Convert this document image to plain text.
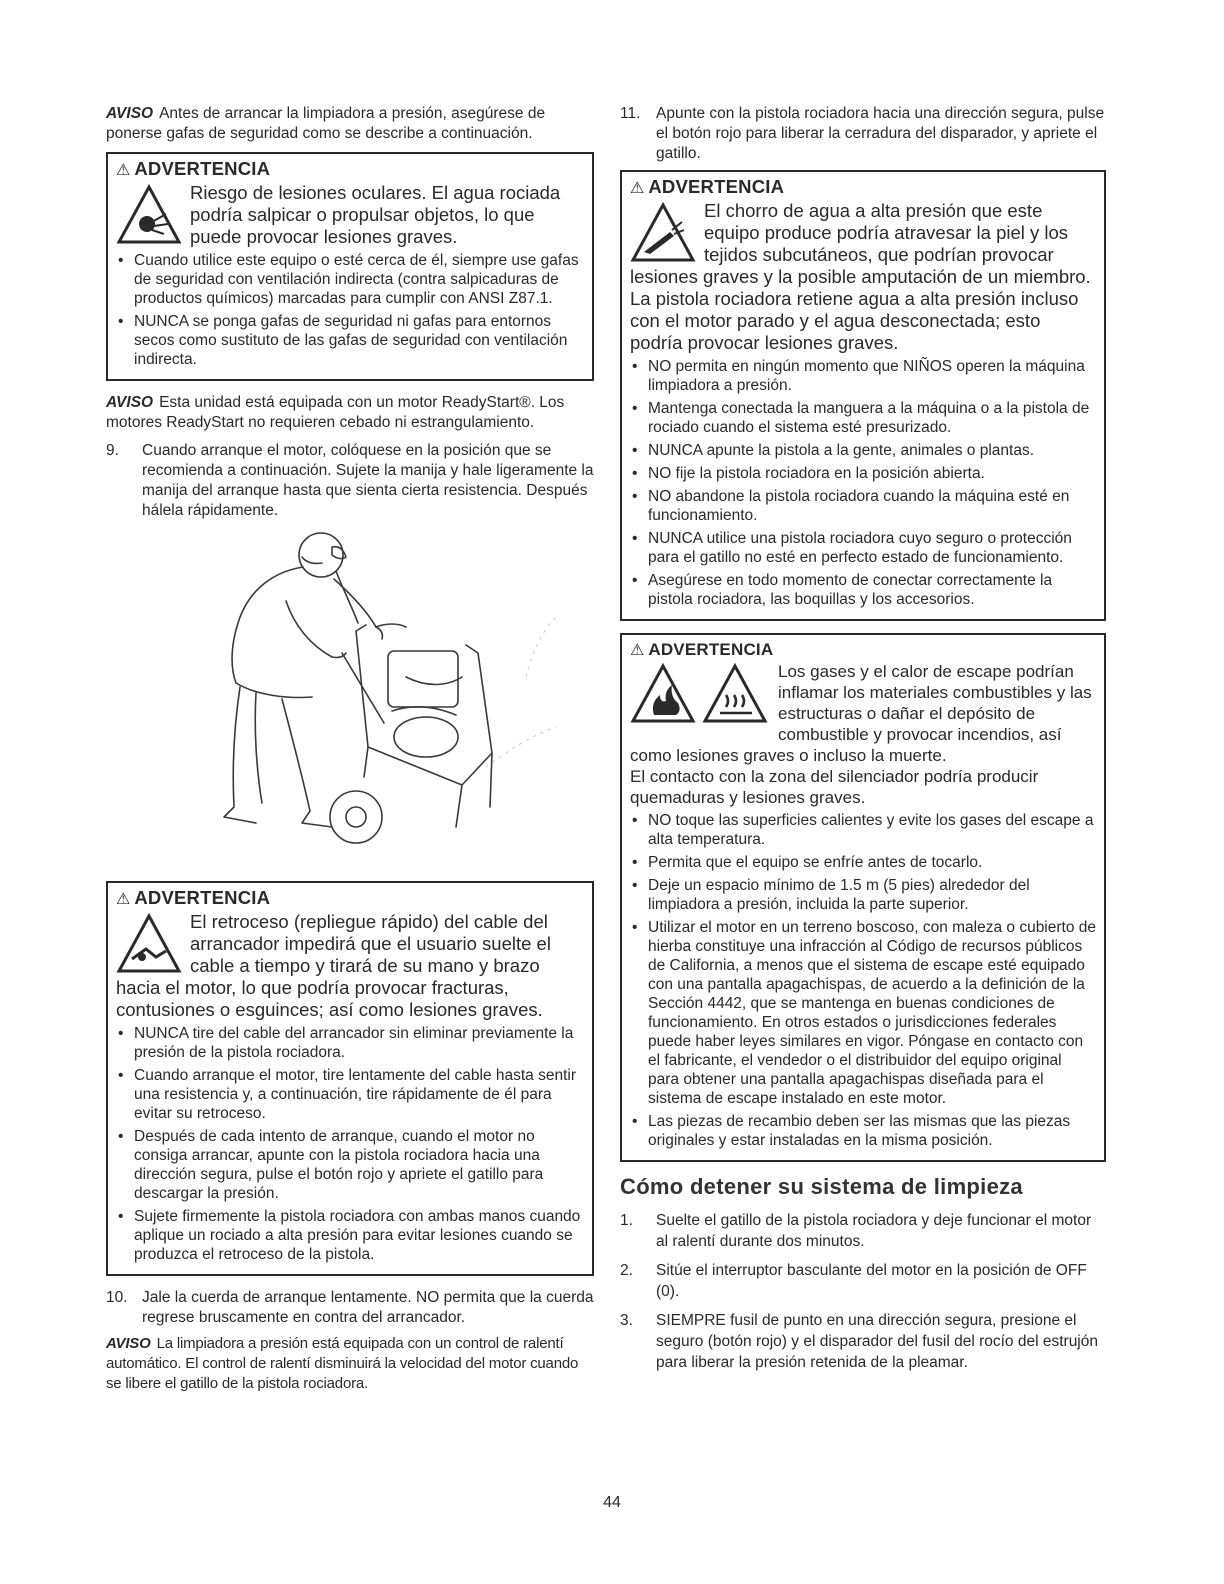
AVISO Antes de arrancar la limpiadora a presión, asegúrese de ponerse gafas de seguridad como se describe a continuación.

⚠ ADVERTENCIA

Riesgo de lesiones oculares. El agua rociada podría salpicar o propulsar objetos, lo que puede provocar lesiones graves.

• Cuando utilice este equipo o esté cerca de él, siempre use gafas de seguridad con ventilación indirecta (contra salpicaduras de productos químicos) marcadas para cumplir con ANSI Z87.1.
• NUNCA se ponga gafas de seguridad ni gafas para entornos secos como sustituto de las gafas de seguridad con ventilación indirecta.

AVISO Esta unidad está equipada con un motor ReadyStart®. Los motores ReadyStart no requieren cebado ni estrangulamiento.

9. Cuando arranque el motor, colóquese en la posición que se recomienda a continuación. Sujete la manija y hale ligeramente la manija del arranque hasta que sienta cierta resistencia. Después hálela rápidamente.
⚠ ADVERTENCIA

El retroceso (repliegue rápido) del cable del arrancador impedirá que el usuario suelte el cable a tiempo y tirará de su mano y brazo hacia el motor, lo que podría provocar fracturas, contusiones o esguinces; así como lesiones graves.

• NUNCA tire del cable del arrancador sin eliminar previamente la presión de la pistola rociadora.
• Cuando arranque el motor, tire lentamente del cable hasta sentir una resistencia y, a continuación, tire rápidamente de él para evitar su retroceso.
• Después de cada intento de arranque, cuando el motor no consiga arrancar, apunte con la pistola rociadora hacia una dirección segura, pulse el botón rojo y apriete el gatillo para descargar la presión.
• Sujete firmemente la pistola rociadora con ambas manos cuando aplique un rociado a alta presión para evitar lesiones cuando se produzca el retroceso de la pistola.
10. Jale la cuerda de arranque lentamente. NO permita que la cuerda regrese bruscamente en contra del arrancador.

AVISO La limpiadora a presión está equipada con un control de ralentí automático. El control de ralentí disminuirá la velocidad del motor cuando se libere el gatillo de la pistola rociadora.

11. Apunte con la pistola rociadora hacia una dirección segura, pulse el botón rojo para liberar la cerradura del disparador, y apriete el gatillo.
⚠ ADVERTENCIA

El chorro de agua a alta presión que este equipo produce podría atravesar la piel y los tejidos subcutáneos, que podrían provocar lesiones graves y la posible amputación de un miembro.

La pistola rociadora retiene agua a alta presión incluso con el motor parado y el agua desconectada; esto podría provocar lesiones graves.

• NO permita en ningún momento que NIÑOS operen la máquina limpiadora a presión.
• Mantenga conectada la manguera a la máquina o a la pistola de rociado cuando el sistema esté presurizado.
• NUNCA apunte la pistola a la gente, animales o plantas.
• NO fije la pistola rociadora en la posición abierta.
• NO abandone la pistola rociadora cuando la máquina esté en funcionamiento.
• NUNCA utilice una pistola rociadora cuyo seguro o protección para el gatillo no esté en perfecto estado de funcionamiento.
• Asegúrese en todo momento de conectar correctamente la pistola rociadora, las boquillas y los accesorios.
⚠ ADVERTENCIA

Los gases y el calor de escape podrían inflamar los materiales combustibles y las estructuras o dañar el depósito de combustible y provocar incendios, así como lesiones graves o incluso la muerte.

El contacto con la zona del silenciador podría producir quemaduras y lesiones graves.

• NO toque las superficies calientes y evite los gases del escape a alta temperatura.
• Permita que el equipo se enfríe antes de tocarlo.
• Deje un espacio mínimo de 1.5 m (5 pies) alrededor del limpiadora a presión, incluida la parte superior.
• Utilizar el motor en un terreno boscoso, con maleza o cubierto de hierba constituye una infracción al Código de recursos públicos de California, a menos que el sistema de escape esté equipado con una pantalla apagachispas, de acuerdo a la definición de la Sección 4442, que se mantenga en buenas condiciones de funcionamiento. En otros estados o jurisdicciones federales puede haber leyes similares en vigor. Póngase en contacto con el fabricante, el vendedor o el distribuidor del equipo original para obtener una pantalla apagachispas diseñada para el sistema de escape instalado en este motor.
• Las piezas de recambio deben ser las mismas que las piezas originales y estar instaladas en la misma posición.
Cómo detener su sistema de limpieza
1. Suelte el gatillo de la pistola rociadora y deje funcionar el motor al ralentí durante dos minutos.
2. Sitúe el interruptor basculante del motor en la posición de OFF (0).
3. SIEMPRE fusil de punto en una dirección segura, presione el seguro (botón rojo) y el disparador del fusil del rocío del estrujón para liberar la presión retenida de la pleamar.
44
